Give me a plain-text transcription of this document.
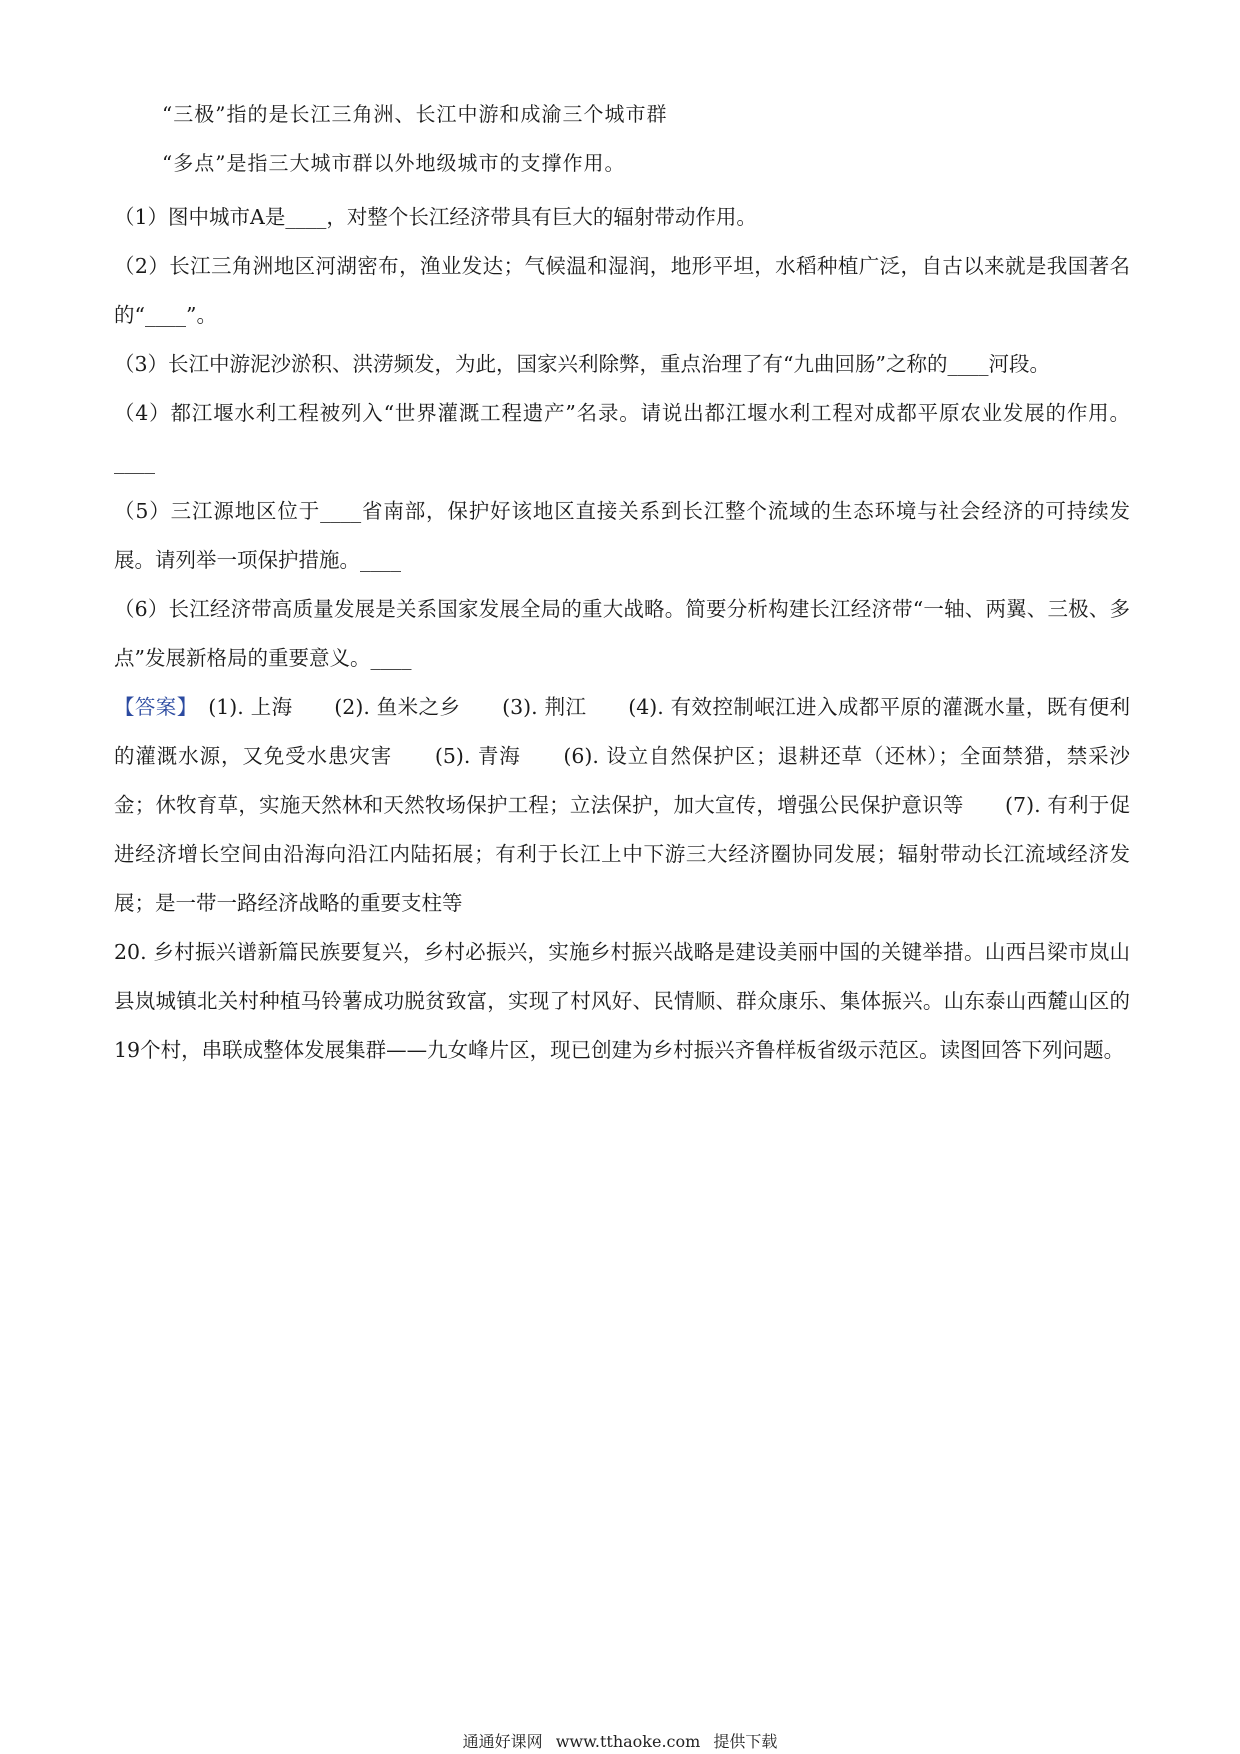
“三极”指的是长江三角洲、长江中游和成渝三个城市群

“多点”是指三大城市群以外地级城市的支撑作用。

（1）图中城市A是____，对整个长江经济带具有巨大的辐射带动作用。

（2）长江三角洲地区河湖密布，渔业发达；气候温和湿润，地形平坦，水稻种植广泛，自古以来就是我国著名的“____”。

（3）长江中游泥沙淤积、洪涝频发，为此，国家兴利除弊，重点治理了有“九曲回肠”之称的____河段。

（4）都江堰水利工程被列入“世界灌溉工程遗产”名录。请说出都江堰水利工程对成都平原农业发展的作用。____

（5）三江源地区位于____省南部，保护好该地区直接关系到长江整个流域的生态环境与社会经济的可持续发展。请列举一项保护措施。____

（6）长江经济带高质量发展是关系国家发展全局的重大战略。简要分析构建长江经济带“一轴、两翼、三极、多点”发展新格局的重要意义。____

【答案】　(1). 上海　　(2). 鱼米之乡　　(3). 荆江　　(4). 有效控制岷江进入成都平原的灌溉水量，既有便利的灌溉水源，又免受水患灾害　　(5). 青海　　(6). 设立自然保护区；退耕还草（还林）；全面禁猎，禁采沙金；休牧育草，实施天然林和天然牧场保护工程；立法保护，加大宣传，增强公民保护意识等　　(7). 有利于促进经济增长空间由沿海向沿江内陆拓展；有利于长江上中下游三大经济圈协同发展；辐射带动长江流域经济发展；是一带一路经济战略的重要支柱等

20. 乡村振兴谱新篇民族要复兴，乡村必振兴，实施乡村振兴战略是建设美丽中国的关键举措。山西吕梁市岚山县岚城镇北关村种植马铃薯成功脱贫致富，实现了村风好、民情顺、群众康乐、集体振兴。山东泰山西麓山区的19个村，串联成整体发展集群——九女峰片区，现已创建为乡村振兴齐鲁样板省级示范区。读图回答下列问题。

通通好课网 www.tthaoke.com 提供下载
